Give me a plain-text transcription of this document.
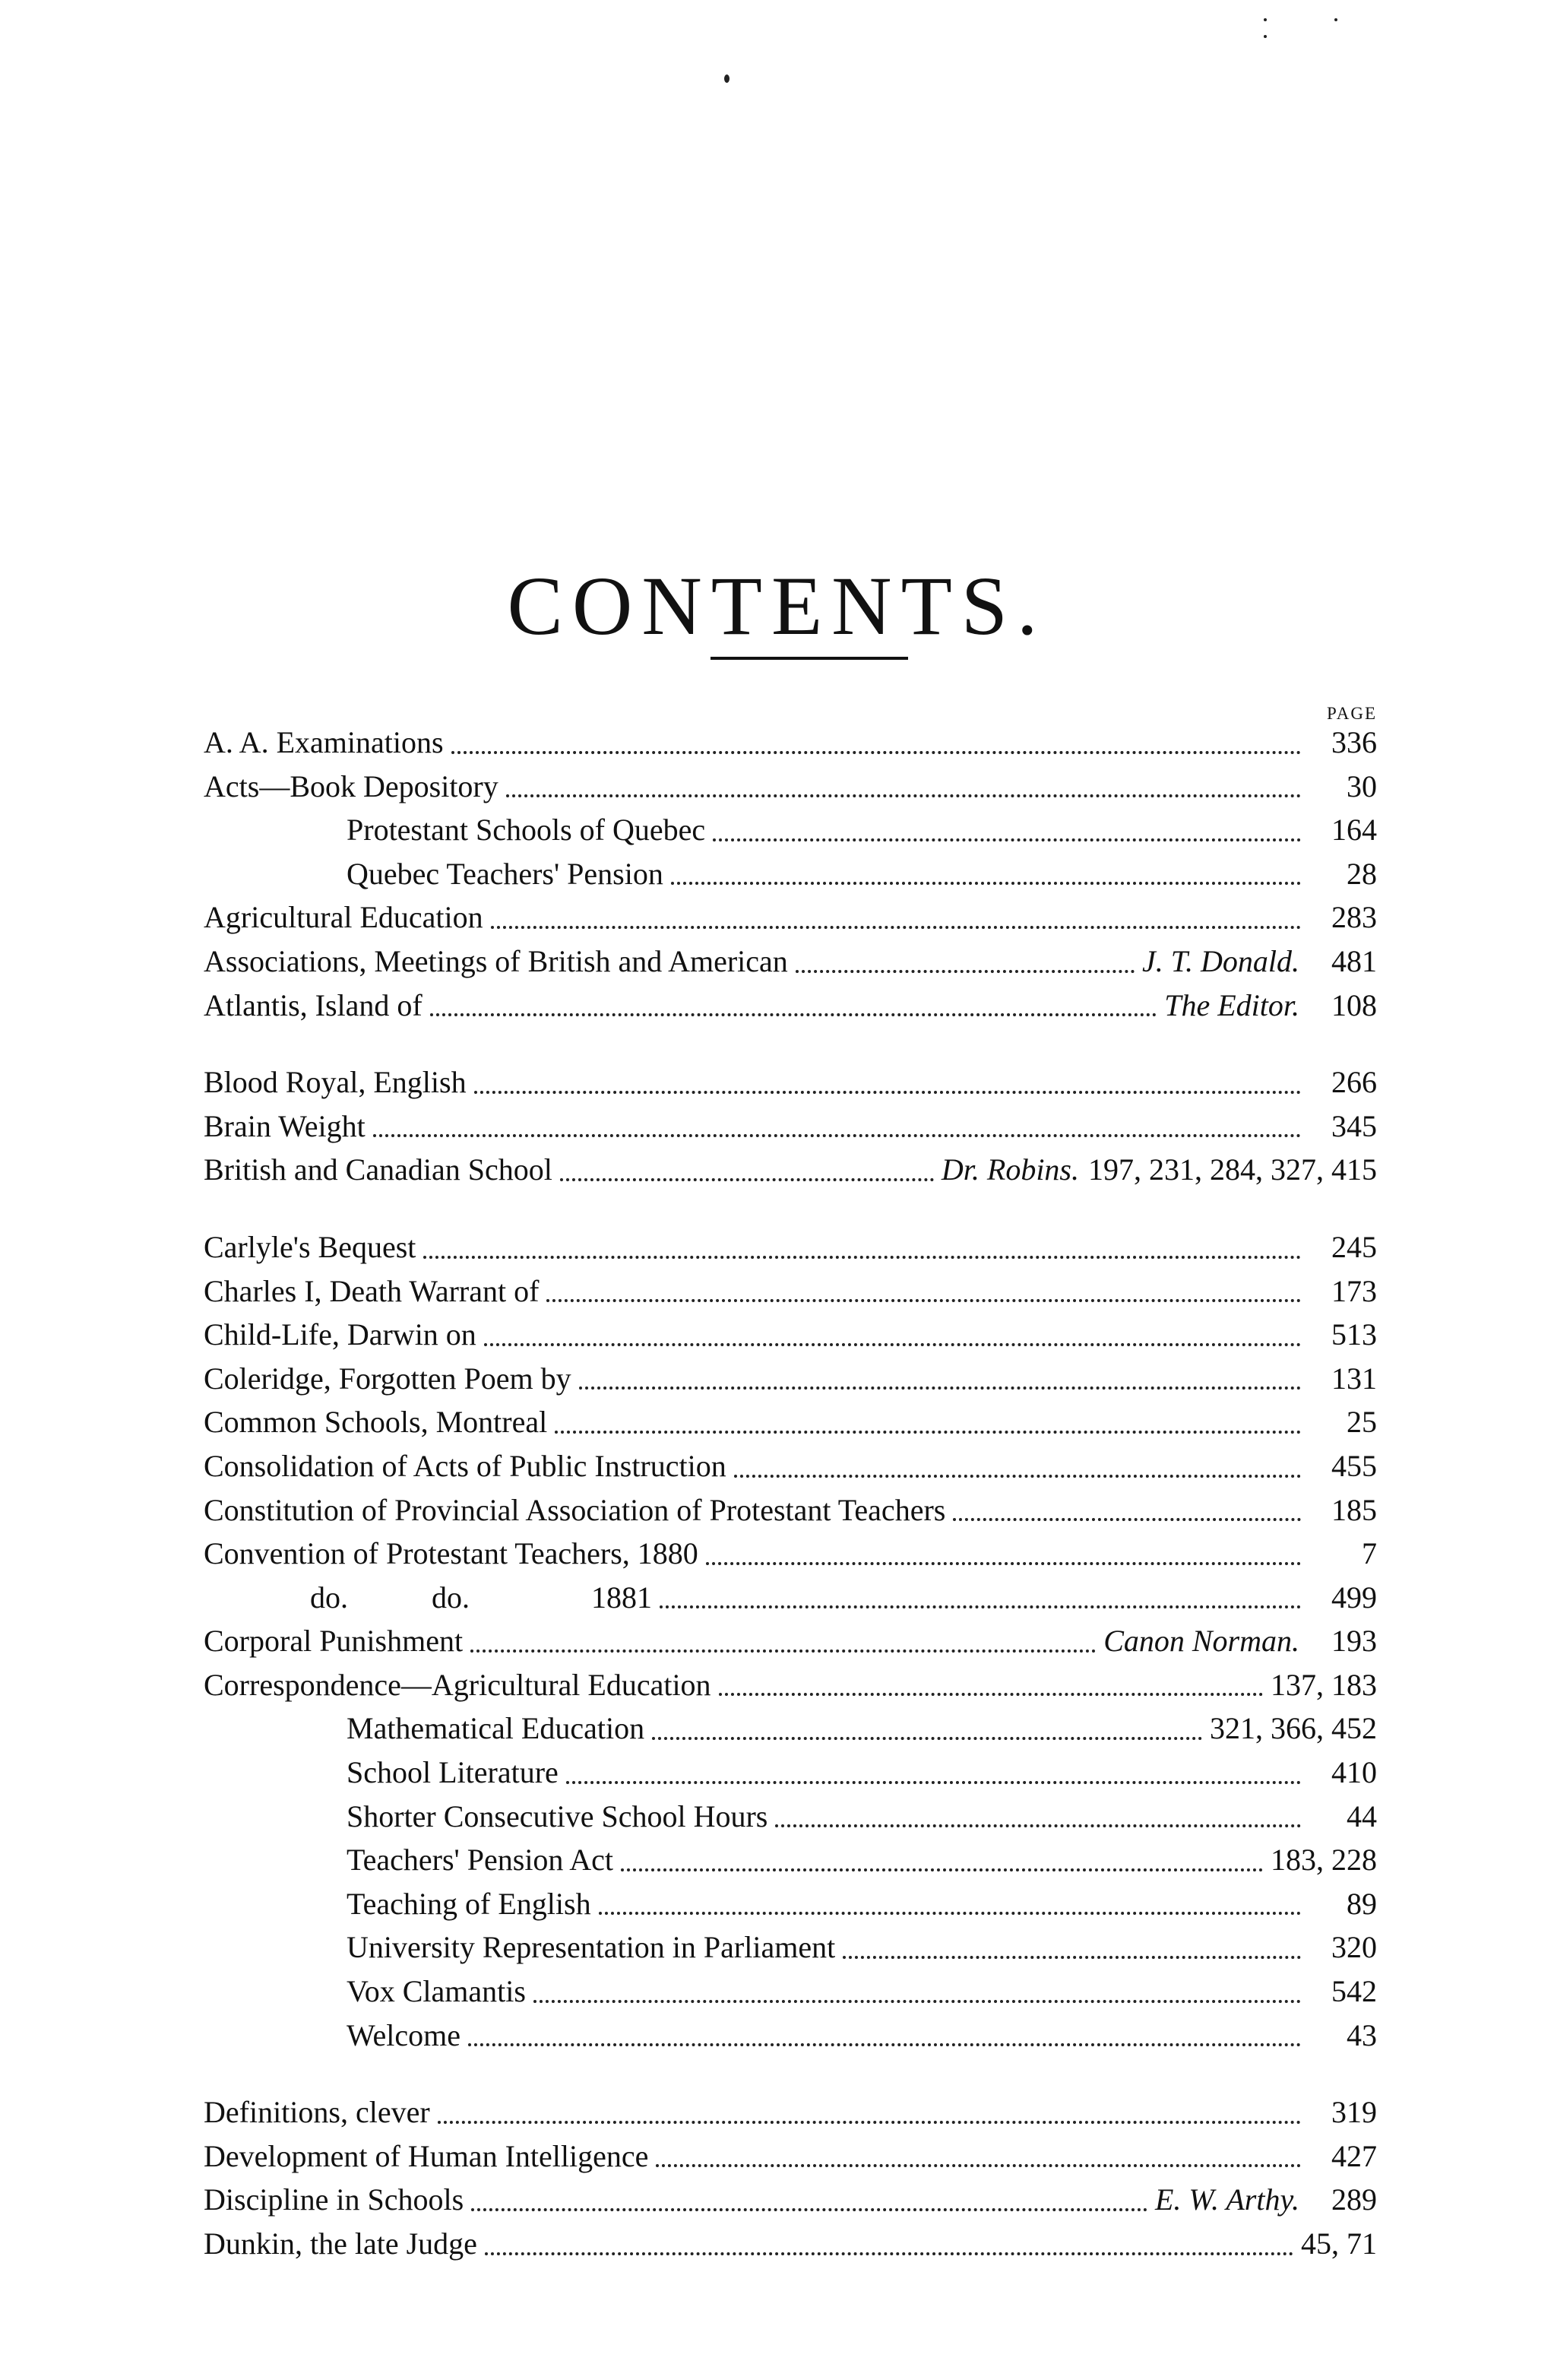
CONTENTS.
PAGE
A. A. Examinations	336
Acts—Book Depository	30
Protestant Schools of Quebec	164
Quebec Teachers' Pension	28
Agricultural Education	283
Associations, Meetings of British and American	J. T. Donald.	481
Atlantis, Island of	The Editor.	108
Blood Royal, English	266
Brain Weight	345
British and Canadian School	Dr. Robins. 197, 231, 284, 327, 415
Carlyle's Bequest	245
Charles I, Death Warrant of	173
Child-Life, Darwin on	513
Coleridge, Forgotten Poem by	131
Common Schools, Montreal	25
Consolidation of Acts of Public Instruction	455
Constitution of Provincial Association of Protestant Teachers	185
Convention of Protestant Teachers, 1880	7
do.	do.	1881	499
Corporal Punishment	Canon Norman.	193
Correspondence—Agricultural Education	137, 183
Mathematical Education	321, 366, 452
School Literature	410
Shorter Consecutive School Hours	44
Teachers' Pension Act	183, 228
Teaching of English	89
University Representation in Parliament	320
Vox Clamantis	542
Welcome	43
Definitions, clever	319
Development of Human Intelligence	427
Discipline in Schools	E. W. Arthy.	289
Dunkin, the late Judge	45, 71
